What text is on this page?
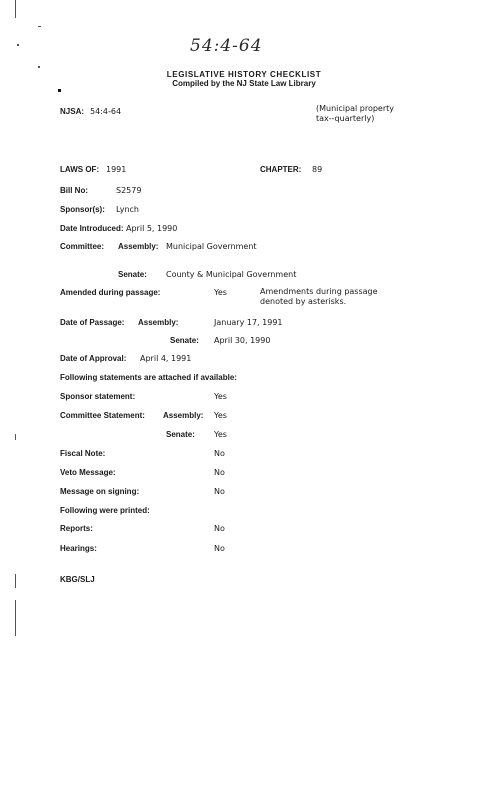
54:4-64
LEGISLATIVE HISTORY CHECKLIST
Compiled by the NJ State Law Library
NJSA: 54:4-64	(Municipal property tax--quarterly)
LAWS OF: 1991	CHAPTER: 89
Bill No:	S2579
Sponsor(s): Lynch
Date Introduced: April 5, 1990
Committee: Assembly: Municipal Government
Senate: County & Municipal Government
Amended during passage:	Yes	Amendments during passage denoted by asterisks.
Date of Passage: Assembly:	January 17, 1991
Senate: April 30, 1990
Date of Approval: April 4, 1991
Following statements are attached if available:
Sponsor statement:	Yes
Committee Statement: Assembly: Yes
Senate: Yes
Fiscal Note:	No
Veto Message:	No
Message on signing:	No
Following were printed:
Reports:	No
Hearings:	No
KBG/SLJ
